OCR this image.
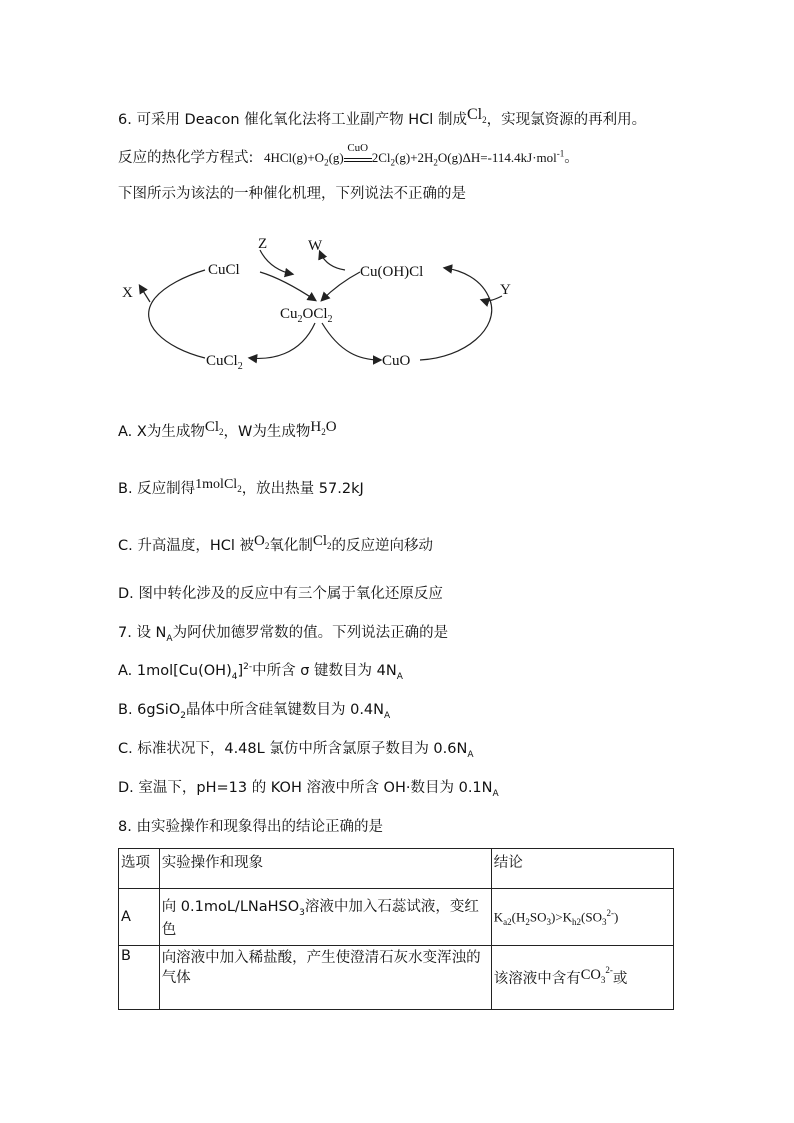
6. 可采用 Deacon 催化氧化法将工业副产物 HCl 制成$Cl_2$，实现氯资源的再利用。
反应的热化学方程式: $4HCl(g)+O_2(g)$
CuO
$2Cl_2(g)+2H_2O(g)\Delta H=-114.4kJ\cdot mol^{-1}$。
下图所示为该法的一种催化机理，下列说法不正确的是
CuCl	Cu(OH)Cl
$Cu_2OCl_2$
CuCl$_2$	CuO
X	Y
Z	W
A. X为生成物$Cl_2$，W为生成物$H_2O$
B. 反应制得1molCl$_2$，放出热量 57.2kJ
C. 升高温度，HCl 被$O_2$氧化制$Cl_2$的反应逆向移动
D. 图中转化涉及的反应中有三个属于氧化还原反应
7. 设 $N_A$为阿伏加德罗常数的值。下列说法正确的是
A. $1mol[Cu(OH)_4]^{2-}$中所含 σ 键数目为 $4N_A$
B. 6gSiO$_2$晶体中所含硅氧键数目为 $0.4N_A$
C. 标准状况下，4.48L 氯仿中所含氯原子数目为 $0.6N_A$
D. 室温下，pH=13 的 KOH 溶液中所含 OH·数目为 $0.1N_A$
8. 由实验操作和现象得出的结论正确的是
选项	实验操作和现象	结论
A	向 0.1moL/LNaHSO$_3$溶液中加入石蕊试液，变红色	$K_{a2}(H_2SO_3)>K_{h2}(SO_3^{2-})$
B	向溶液中加入稀盐酸，产生使澄清石灰水变浑浊的气体	该溶液中含有$CO_3^{2-}$或
